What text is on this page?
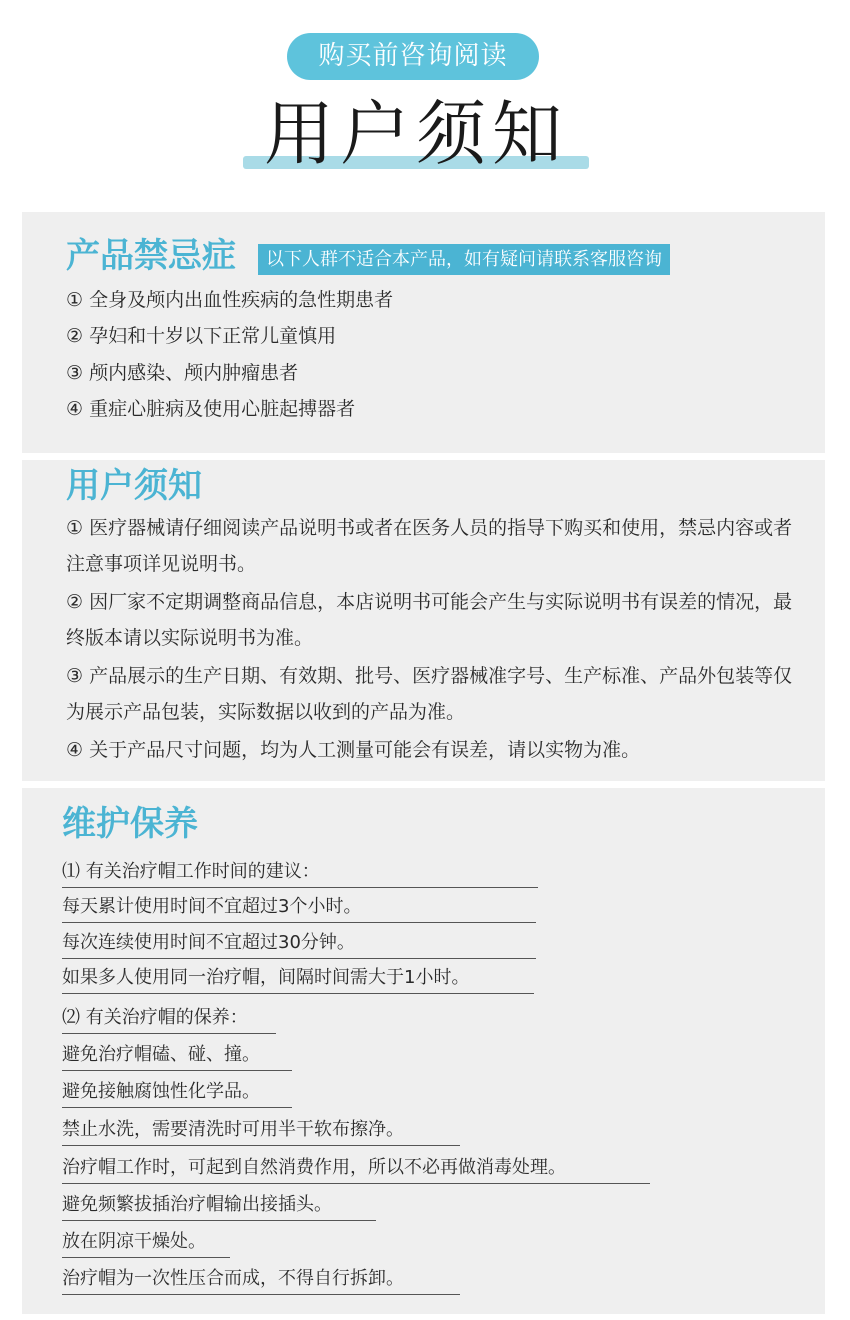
购买前咨询阅读
用户须知
产品禁忌症	以下人群不适合本产品，如有疑问请联系客服咨询
① 全身及颅内出血性疾病的急性期患者
② 孕妇和十岁以下正常儿童慎用
③ 颅内感染、颅内肿瘤患者
④ 重症心脏病及使用心脏起搏器者
用户须知
① 医疗器械请仔细阅读产品说明书或者在医务人员的指导下购买和使用，禁忌内容或者注意事项详见说明书。
② 因厂家不定期调整商品信息，本店说明书可能会产生与实际说明书有误差的情况，最终版本请以实际说明书为准。
③ 产品展示的生产日期、有效期、批号、医疗器械准字号、生产标准、产品外包装等仅为展示产品包装，实际数据以收到的产品为准。
④ 关于产品尺寸问题，均为人工测量可能会有误差，请以实物为准。
维护保养
⑴ 有关治疗帽工作时间的建议：
每天累计使用时间不宜超过3个小时。
每次连续使用时间不宜超过30分钟。
如果多人使用同一治疗帽，间隔时间需大于1小时。
⑵ 有关治疗帽的保养：
避免治疗帽磕、碰、撞。
避免接触腐蚀性化学品。
禁止水洗，需要清洗时可用半干软布擦净。
治疗帽工作时，可起到自然消费作用，所以不必再做消毒处理。
避免频繁拔插治疗帽输出接插头。
放在阴凉干燥处。
治疗帽为一次性压合而成，不得自行拆卸。
